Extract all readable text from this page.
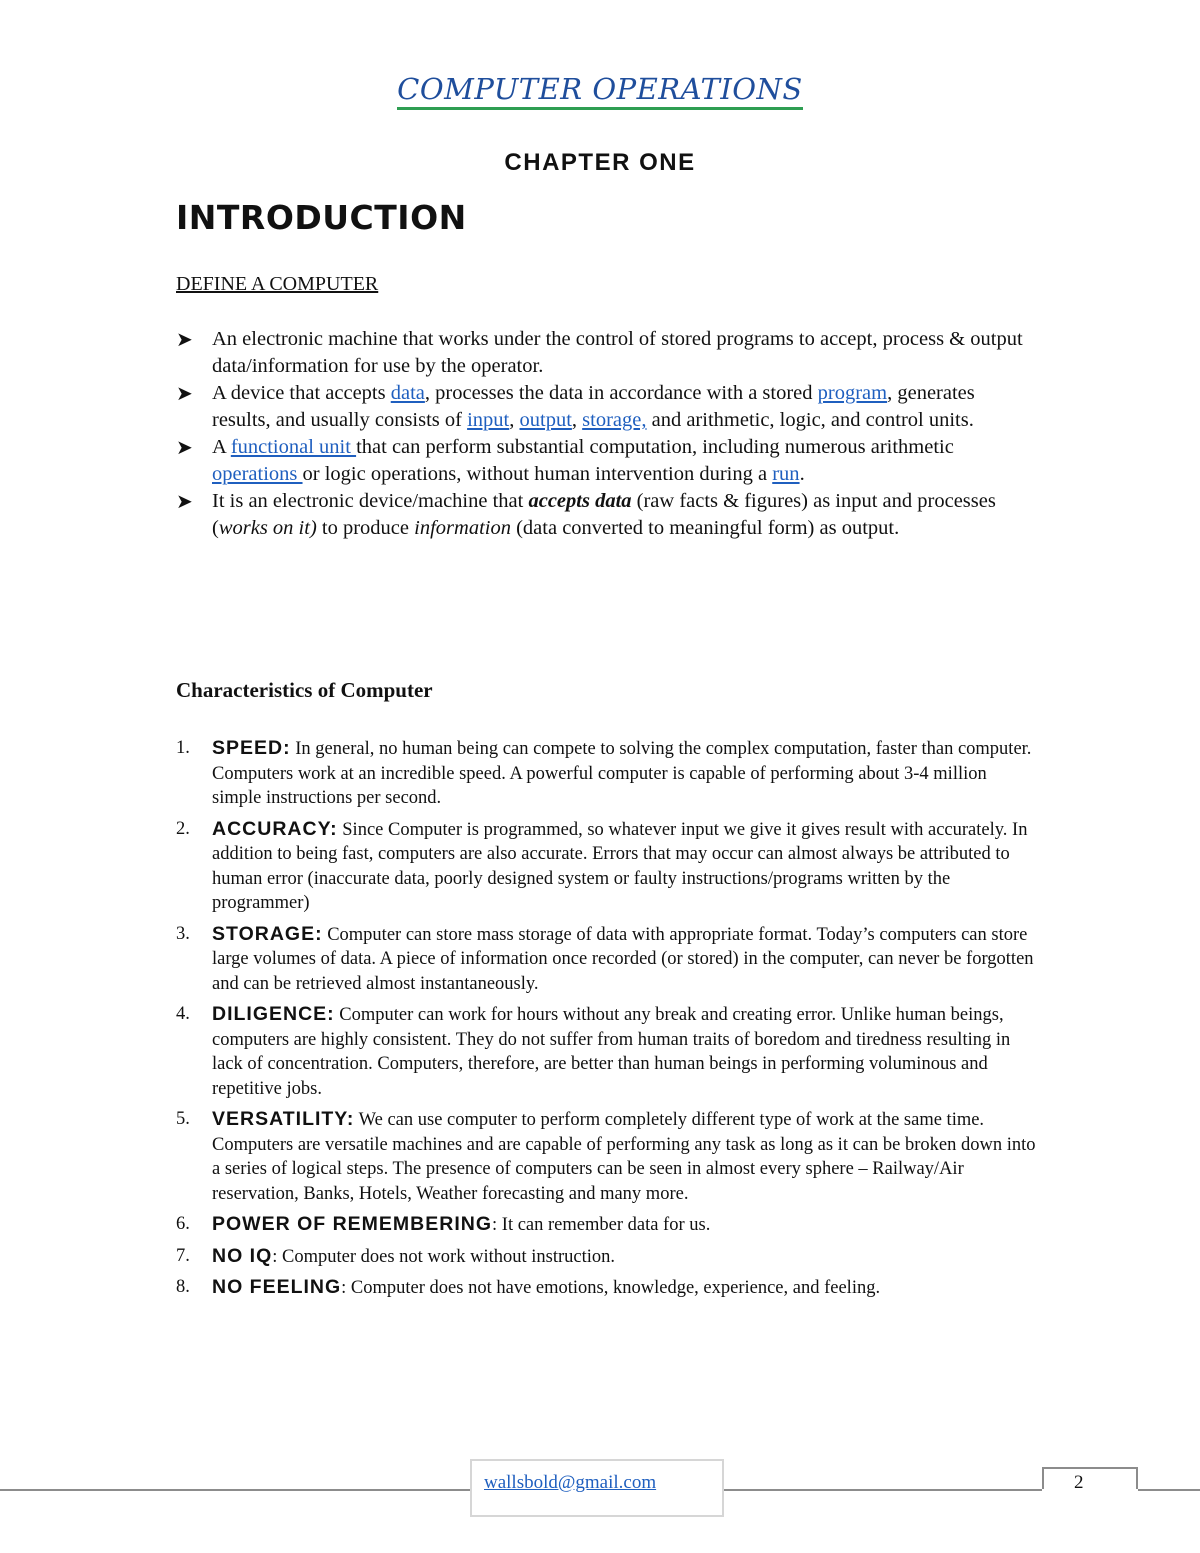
COMPUTER OPERATIONS
CHAPTER ONE
INTRODUCTION
DEFINE A COMPUTER

➤ An electronic machine that works under the control of stored programs to accept, process & output data/information for use by the operator.

➤ A device that accepts data, processes the data in accordance with a stored program, generates results, and usually consists of input, output, storage, and arithmetic, logic, and control units.

➤ A functional unit that can perform substantial computation, including numerous arithmetic operations or logic operations, without human intervention during a run.

➤ It is an electronic device/machine that accepts data (raw facts & figures) as input and processes (works on it) to produce information (data converted to meaningful form) as output.

Characteristics of Computer
1. SPEED: In general, no human being can compete to solving the complex computation, faster than computer. Computers work at an incredible speed. A powerful computer is capable of performing about 3-4 million simple instructions per second.
2. ACCURACY: Since Computer is programmed, so whatever input we give it gives result with accurately. In addition to being fast, computers are also accurate. Errors that may occur can almost always be attributed to human error (inaccurate data, poorly designed system or faulty instructions/programs written by the programmer)
3. STORAGE: Computer can store mass storage of data with appropriate format. Today’s computers can store large volumes of data. A piece of information once recorded (or stored) in the computer, can never be forgotten and can be retrieved almost instantaneously.
4. DILIGENCE: Computer can work for hours without any break and creating error. Unlike human beings, computers are highly consistent. They do not suffer from human traits of boredom and tiredness resulting in lack of concentration. Computers, therefore, are better than human beings in performing voluminous and repetitive jobs.
5. VERSATILITY: We can use computer to perform completely different type of work at the same time. Computers are versatile machines and are capable of performing any task as long as it can be broken down into a series of logical steps. The presence of computers can be seen in almost every sphere – Railway/Air reservation, Banks, Hotels, Weather forecasting and many more.
6. POWER OF REMEMBERING: It can remember data for us.
7. NO IQ: Computer does not work without instruction.
8. NO FEELING: Computer does not have emotions, knowledge, experience, and feeling.
wallsbold@gmail.com	2
